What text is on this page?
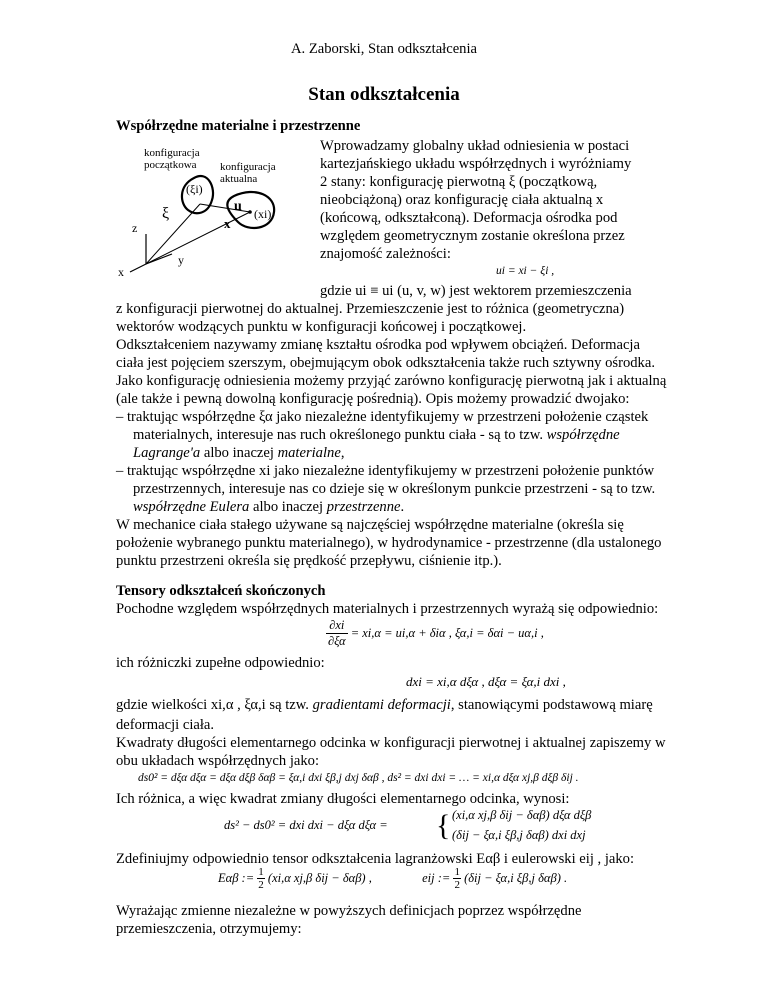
A. Zaborski, Stan odkształcenia
Stan odkształcenia
Współrzędne materialne i przestrzenne
konfiguracja
początkowa konfiguracja
aktualna
(ξi)
(xi)
z
y
x
ξ	u
x
Wprowadzamy globalny układ odniesienia w postaci
kartezjańskiego układu współrzędnych i wyróżniamy
2 stany: konfigurację pierwotną ξ (początkową,
nieobciążoną) oraz konfigurację ciała aktualną x
(końcową, odkształconą). Deformacja ośrodka pod
względem geometrycznym zostanie określona przez
znajomość zależności:
ui = xi − ξi ,
gdzie ui ≡ ui (u, v, w) jest wektorem przemieszczenia
z konfiguracji pierwotnej do aktualnej. Przemieszczenie jest to różnica (geometryczna)
wektorów wodzących punktu w konfiguracji końcowej i początkowej.
Odkształceniem nazywamy zmianę kształtu ośrodka pod wpływem obciążeń. Deformacja
ciała jest pojęciem szerszym, obejmującym obok odkształcenia także ruch sztywny ośrodka.
Jako konfigurację odniesienia możemy przyjąć zarówno konfigurację pierwotną jak i aktualną
(ale także i pewną dowolną konfigurację pośrednią). Opis możemy prowadzić dwojako:
– traktując współrzędne ξα jako niezależne identyfikujemy w przestrzeni położenie cząstek
materialnych, interesuje nas ruch określonego punktu ciała - są to tzw. współrzędne
Lagrange'a albo inaczej materialne,
– traktując współrzędne xi jako niezależne identyfikujemy w przestrzeni położenie punktów
przestrzennych, interesuje nas co dzieje się w określonym punkcie przestrzeni - są to tzw.
współrzędne Eulera albo inaczej przestrzenne.
W mechanice ciała stałego używane są najczęściej współrzędne materialne (określa się
położenie wybranego punktu materialnego), w hydrodynamice - przestrzenne (dla ustalonego
punktu przestrzeni określa się prędkość przepływu, ciśnienie itp.).
Tensory odkształceń skończonych
Pochodne względem współrzędnych materialnych i przestrzennych wyrażą się odpowiednio:
$\frac{\partial xi}{\partial\xi\alpha} = xi,\alpha = ui,\alpha + \delta i\alpha$ , ξα,i = δαi − uα,i ,
ich różniczki zupełne odpowiednio:
dxi = xi,α dξα , dξα = ξα,i dxi ,
gdzie wielkości xi,α , ξα,i są tzw. gradientami deformacji, stanowiącymi podstawową miarę
deformacji ciała.
Kwadraty długości elementarnego odcinka w konfiguracji pierwotnej i aktualnej zapiszemy w
obu układach współrzędnych jako:
ds0² = dξα dξα = dξα dξβ δαβ = ξα,i dxi ξβ,j dxj δαβ , ds² = dxi dxi = … = xi,α dξα xj,β dξβ δij .
Ich różnica, a więc kwadrat zmiany długości elementarnego odcinka, wynosi:
ds² − ds0² = dxi dxi − dξα dξα = { (xi,α xj,β δij − δαβ) dξα dξβ
(δij − ξα,i ξβ,j δαβ) dxi dxj
Zdefiniujmy odpowiednio tensor odkształcenia lagranżowski Eαβ i eulerowski eij , jako:
Eαβ := $\frac{1}{2} (xi,\alpha$ xj,β δij − δαβ) ,	eij := $\frac{1}{2} (\delta ij - \xi\alpha,i$ ξβ,j δαβ) .
Wyrażając zmienne niezależne w powyższych definicjach poprzez współrzędne
przemieszczenia, otrzymujemy:
